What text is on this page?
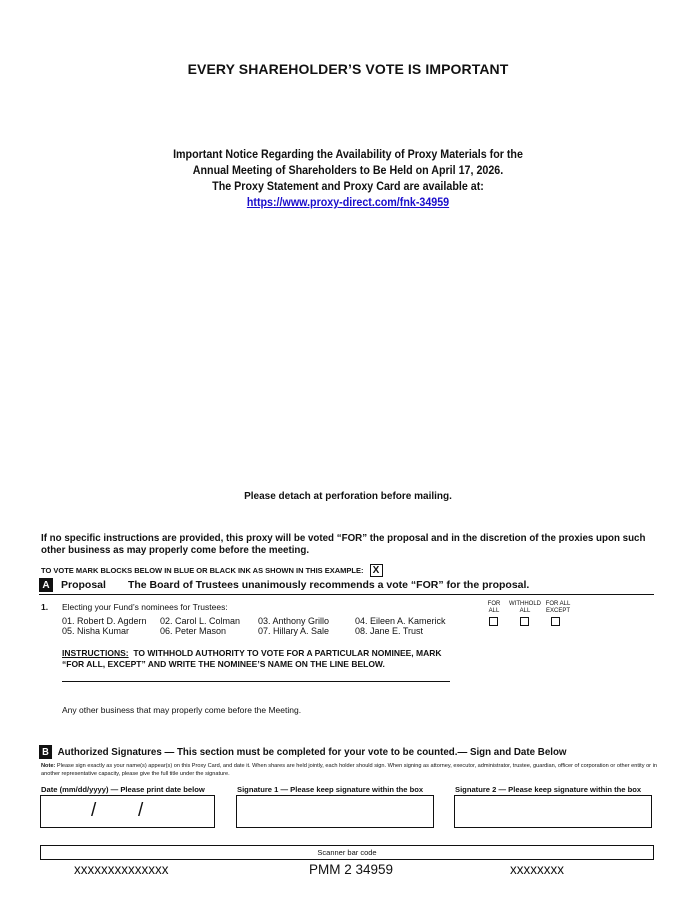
EVERY SHAREHOLDER’S VOTE IS IMPORTANT
Important Notice Regarding the Availability of Proxy Materials for the
Annual Meeting of Shareholders to Be Held on April 17, 2026.
The Proxy Statement and Proxy Card are available at:
https://www.proxy-direct.com/fnk-34959
Please detach at perforation before mailing.
If no specific instructions are provided, this proxy will be voted “FOR” the proposal and in the discretion of the proxies upon such
other business as may properly come before the meeting.
TO VOTE MARK BLOCKS BELOW IN BLUE OR BLACK INK AS SHOWN IN THIS EXAMPLE: X
A	Proposal The Board of Trustees unanimously recommends a vote “FOR” for the proposal.
1. Electing your Fund’s nominees for Trustees:
01. Robert D. Agdern	02. Carol L. Colman	03. Anthony Grillo	04. Eileen A. Kamerick
05. Nisha Kumar	06. Peter Mason	07. Hillary A. Sale	08. Jane E. Trust
FOR
ALL
WITHHOLD
ALL
FOR ALL
EXCEPT
INSTRUCTIONS: TO WITHHOLD AUTHORITY TO VOTE FOR A PARTICULAR NOMINEE, MARK
“FOR ALL, EXCEPT” AND WRITE THE NOMINEE’S NAME ON THE LINE BELOW.
Any other business that may properly come before the Meeting.
B Authorized Signatures — This section must be completed for your vote to be counted.— Sign and Date Below
Note: Please sign exactly as your name(s) appear(s) on this Proxy Card, and date it. When shares are held jointly, each holder should sign. When signing as attorney, executor, administrator, trustee, guardian, officer of corporation or other entity or in another representative capacity, please give the full title under the signature.
Date (mm/dd/yyyy) — Please print date below	Signature 1 — Please keep signature within the box	Signature 2 — Please keep signature within the box
/ /
Scanner bar code
xxxxxxxxxxxxxx	PMM 2 34959	xxxxxxxx
